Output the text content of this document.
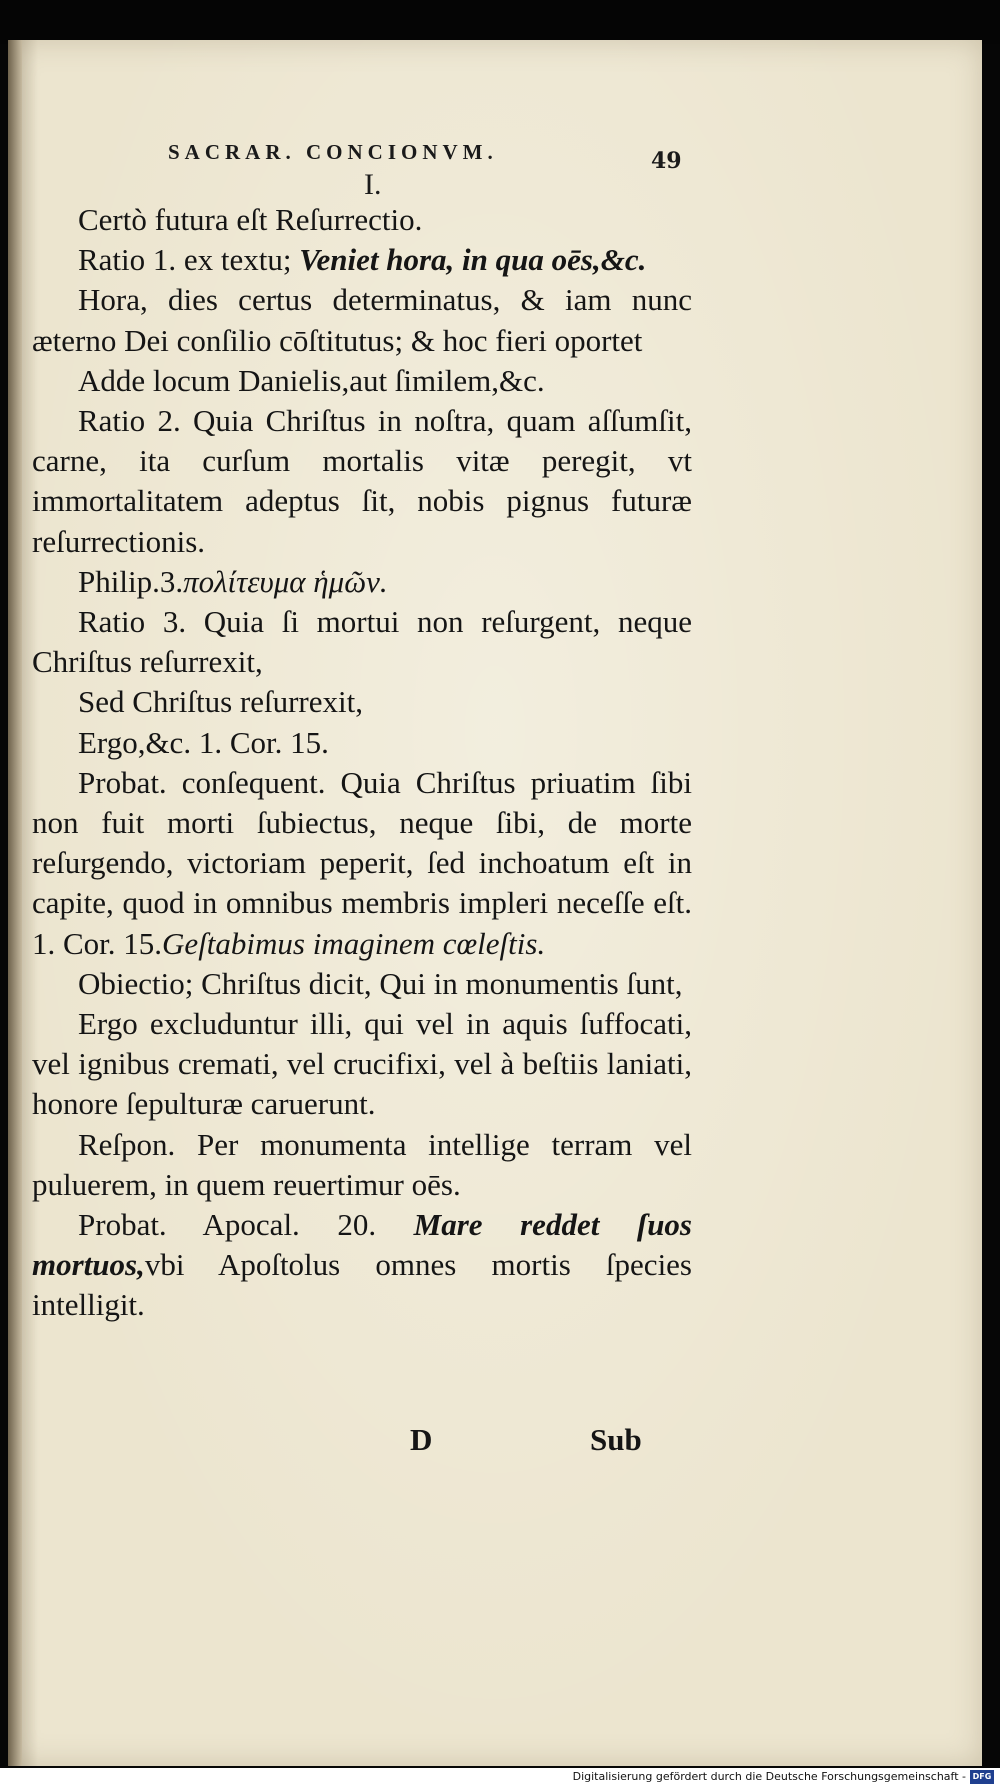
SACRAR. CONCIONVM.	49
I.

Certò futura eſt Reſurrectio.

Ratio 1. ex textu; Veniet hora, in qua oēs,&c.

Hora, dies certus determinatus, & iam nunc æterno Dei conſilio cōſtitutus; & hoc fieri oportet

Adde locum Danielis,aut ſimilem,&c.

Ratio 2. Quia Chriſtus in noſtra, quam aſſumſit, carne, ita curſum mortalis vitæ peregit, vt immortalitatem adeptus ſit, nobis pignus futuræ reſurrectionis.

Philip.3.πολίτευμα ἡμῶν.

Ratio 3. Quia ſi mortui non reſurgent, neque Chriſtus reſurrexit,

Sed Chriſtus reſurrexit,

Ergo,&c. 1. Cor. 15.

Probat. conſequent. Quia Chriſtus priuatim ſibi non fuit morti ſubiectus, neque ſibi, de morte reſurgendo, victoriam peperit, ſed inchoatum eſt in capite, quod in omnibus membris impleri neceſſe eſt. 1. Cor. 15.Geſtabimus imaginem cœleſtis.

Obiectio; Chriſtus dicit, Qui in monumentis ſunt,

Ergo excluduntur illi, qui vel in aquis ſuffocati, vel ignibus cremati, vel crucifixi, vel à beſtiis laniati, honore ſepulturæ caruerunt.

Reſpon. Per monumenta intellige terram vel puluerem, in quem reuertimur oēs.

Probat. Apocal. 20. Mare reddet ſuos mortuos,vbi Apoſtolus omnes mortis ſpecies intelligit.

D	Sub
Digitalisierung gefördert durch die Deutsche Forschungsgemeinschaft - DFG
